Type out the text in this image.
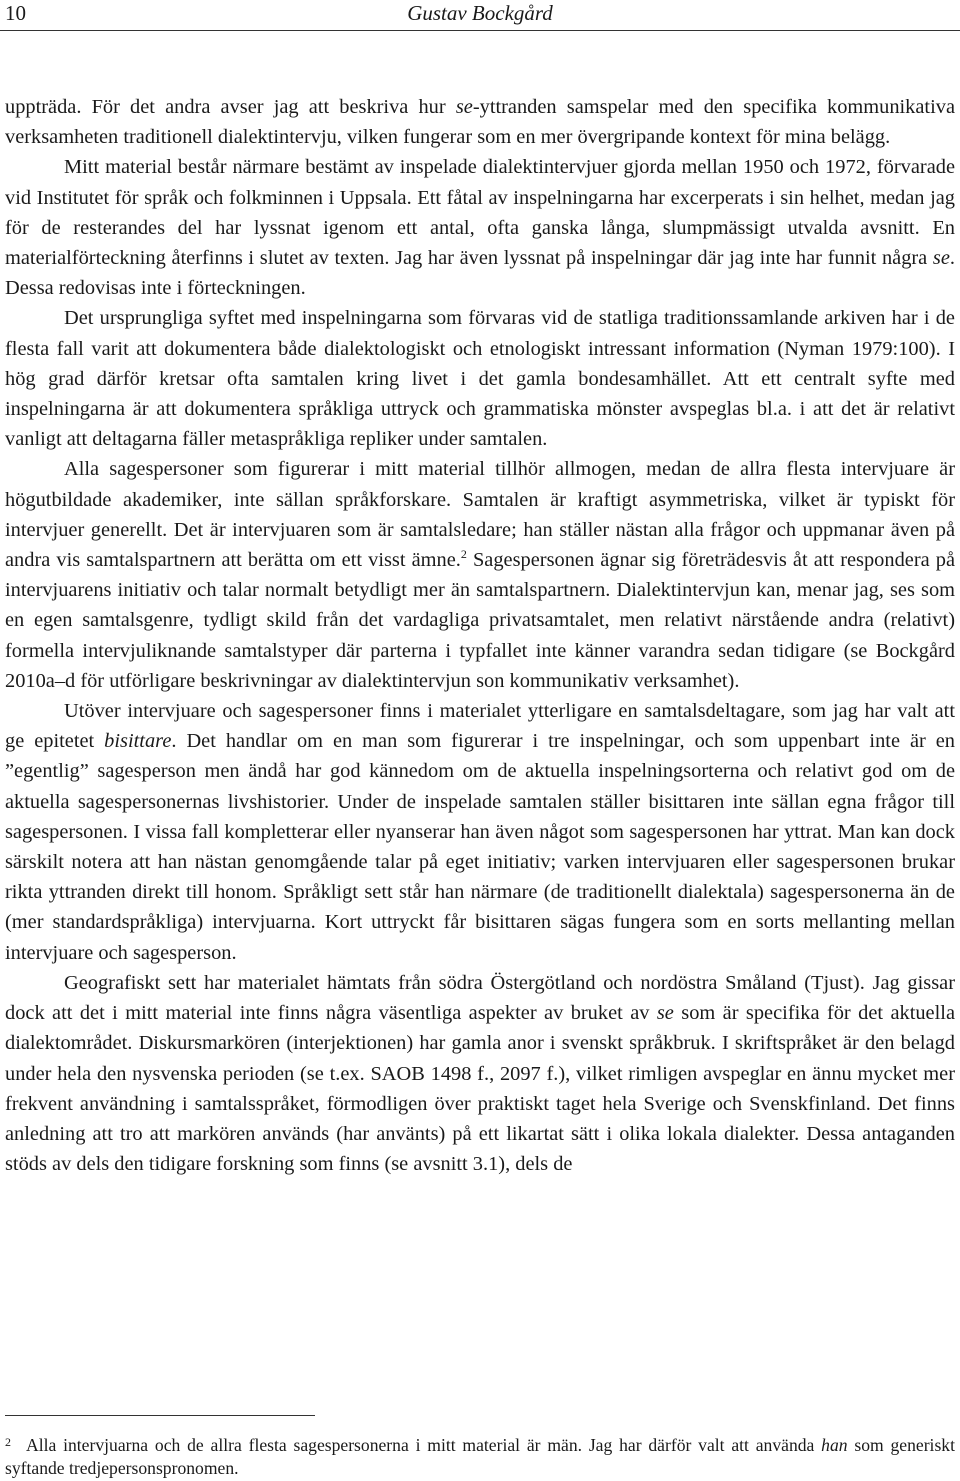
10	Gustav Bockgård

uppträda. För det andra avser jag att beskriva hur se-yttranden samspelar med den specifika kommunikativa verksamheten traditionell dialektintervju, vilken fungerar som en mer övergripande kontext för mina belägg.

Mitt material består närmare bestämt av inspelade dialektintervjuer gjorda mellan 1950 och 1972, förvarade vid Institutet för språk och folkminnen i Uppsala. Ett fåtal av inspelningarna har excerperats i sin helhet, medan jag för de resterandes del har lyssnat igenom ett antal, ofta ganska långa, slumpmässigt utvalda avsnitt. En materialförteckning återfinns i slutet av texten. Jag har även lyssnat på inspelningar där jag inte har funnit några se. Dessa redovisas inte i förteckningen.

Det ursprungliga syftet med inspelningarna som förvaras vid de statliga traditionssamlande arkiven har i de flesta fall varit att dokumentera både dialektologiskt och etnologiskt intressant information (Nyman 1979:100). I hög grad därför kretsar ofta samtalen kring livet i det gamla bondesamhället. Att ett centralt syfte med inspelningarna är att dokumentera språkliga uttryck och grammatiska mönster avspeglas bl.a. i att det är relativt vanligt att deltagarna fäller metaspråkliga repliker under samtalen.

Alla sagespersoner som figurerar i mitt material tillhör allmogen, medan de allra flesta intervjuare är högutbildade akademiker, inte sällan språkforskare. Samtalen är kraftigt asymmetriska, vilket är typiskt för intervjuer generellt. Det är intervjuaren som är samtalsledare; han ställer nästan alla frågor och uppmanar även på andra vis samtalspartnern att berätta om ett visst ämne.$^2$ Sagespersonen ägnar sig företrädesvis åt att respondera på intervjuarens initiativ och talar normalt betydligt mer än samtalspartnern. Dialektintervjun kan, menar jag, ses som en egen samtalsgenre, tydligt skild från det vardagliga privatsamtalet, men relativt närstående andra (relativt) formella intervjuliknande samtalstyper där parterna i typfallet inte känner varandra sedan tidigare (se Bockgård 2010a–d för utförligare beskrivningar av dialektintervjun son kommunikativ verksamhet).

Utöver intervjuare och sagespersoner finns i materialet ytterligare en samtalsdeltagare, som jag har valt att ge epitetet bisittare. Det handlar om en man som figurerar i tre inspelningar, och som uppenbart inte är en ”egentlig” sagesperson men ändå har god kännedom om de aktuella inspelningsorterna och relativt god om de aktuella sagespersonernas livshistorier. Under de inspelade samtalen ställer bisittaren inte sällan egna frågor till sagespersonen. I vissa fall kompletterar eller nyanserar han även något som sagespersonen har yttrat. Man kan dock särskilt notera att han nästan genomgående talar på eget initiativ; varken intervjuaren eller sagespersonen brukar rikta yttranden direkt till honom. Språkligt sett står han närmare (de traditionellt dialektala) sagespersonerna än de (mer standardspråkliga) intervjuarna. Kort uttryckt får bisittaren sägas fungera som en sorts mellanting mellan intervjuare och sagesperson.

Geografiskt sett har materialet hämtats från södra Östergötland och nordöstra Småland (Tjust). Jag gissar dock att det i mitt material inte finns några väsentliga aspekter av bruket av se som är specifika för det aktuella dialektområdet. Diskursmarkören (interjektionen) har gamla anor i svenskt språkbruk. I skriftspråket är den belagd under hela den nysvenska perioden (se t.ex. SAOB 1498 f., 2097 f.), vilket rimligen avspeglar en ännu mycket mer frekvent användning i samtalsspråket, förmodligen över praktiskt taget hela Sverige och Svenskfinland. Det finns anledning att tro att markören används (har använts) på ett likartat sätt i olika lokala dialekter. Dessa antaganden stöds av dels den tidigare forskning som finns (se avsnitt 3.1), dels de

2 Alla intervjuarna och de allra flesta sagespersonerna i mitt material är män. Jag har därför valt att använda han som generiskt syftande tredjepersonspronomen.
